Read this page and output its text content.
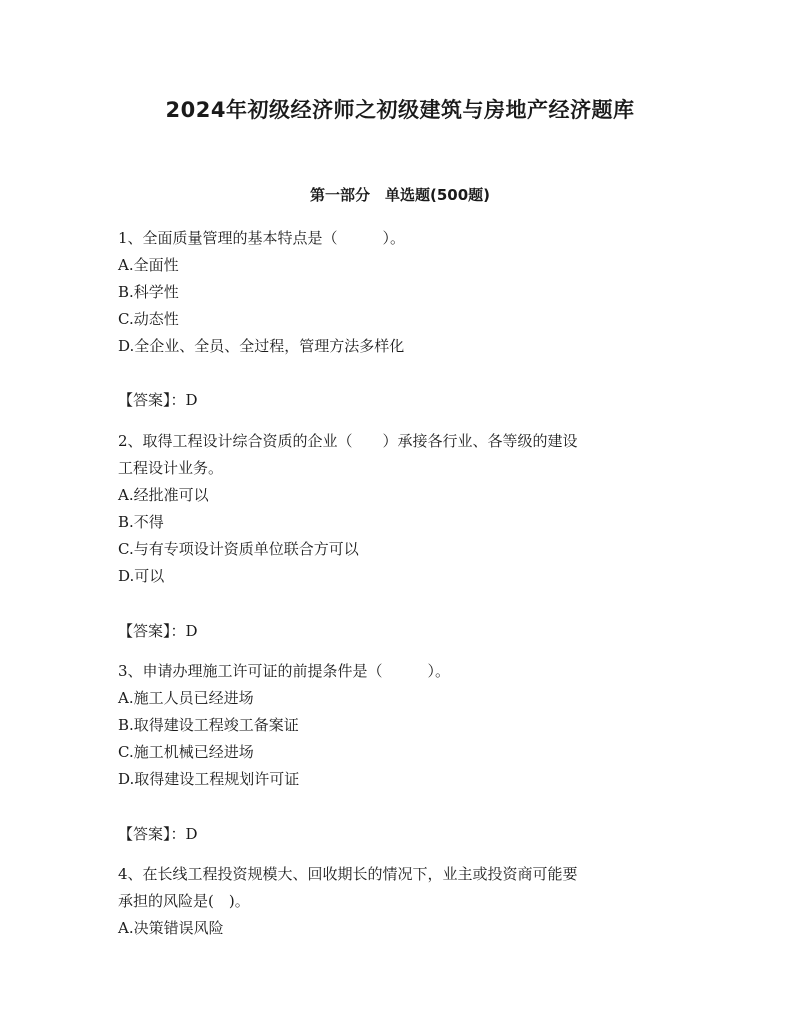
2024年初级经济师之初级建筑与房地产经济题库
第一部分　单选题(500题)
1、全面质量管理的基本特点是（　　　）。
A.全面性
B.科学性
C.动态性
D.全企业、全员、全过程，管理方法多样化
【答案】：D
2、取得工程设计综合资质的企业（　　）承接各行业、各等级的建设
工程设计业务。
A.经批准可以
B.不得
C.与有专项设计资质单位联合方可以
D.可以
【答案】：D
3、申请办理施工许可证的前提条件是（　　　）。
A.施工人员已经进场
B.取得建设工程竣工备案证
C.施工机械已经进场
D.取得建设工程规划许可证
【答案】：D
4、在长线工程投资规模大、回收期长的情况下，业主或投资商可能要
承担的风险是(　)。
A.决策错误风险
